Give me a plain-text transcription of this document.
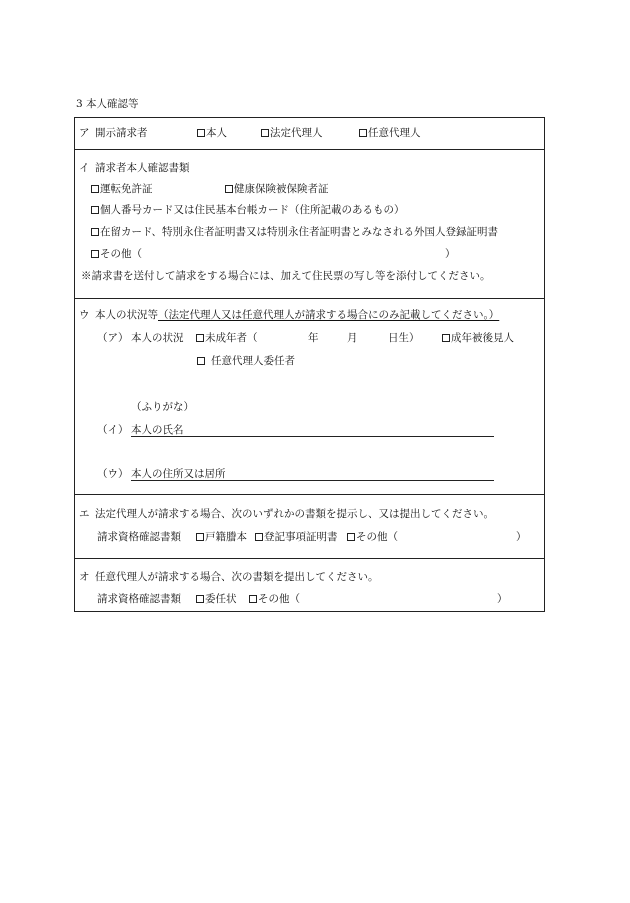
3 本人確認等
ア 開示請求者	本人	法定代理人	任意代理人
イ 請求者本人確認書類
運転免許証	健康保険被保険者証
個人番号カード又は住民基本台帳カード（住所記載のあるもの）
在留カード、特別永住者証明書又は特別永住者証明書とみなされる外国人登録証明書
その他（	）
※請求書を送付して請求をする場合には、加えて住民票の写し等を添付してください。
ウ 本人の状況等（法定代理人又は任意代理人が請求する場合にのみ記載してください。）
（ア） 本人の状況	未成年者（	年	月	日生）	成年被後見人
任意代理人委任者
（ふりがな）
（イ） 本人の氏名
（ウ） 本人の住所又は居所
エ 法定代理人が請求する場合、次のいずれかの書類を提示し、又は提出してください。
請求資格確認書類	戸籍謄本	登記事項証明書	その他（	）
オ 任意代理人が請求する場合、次の書類を提出してください。
請求資格確認書類	委任状	その他（	）
